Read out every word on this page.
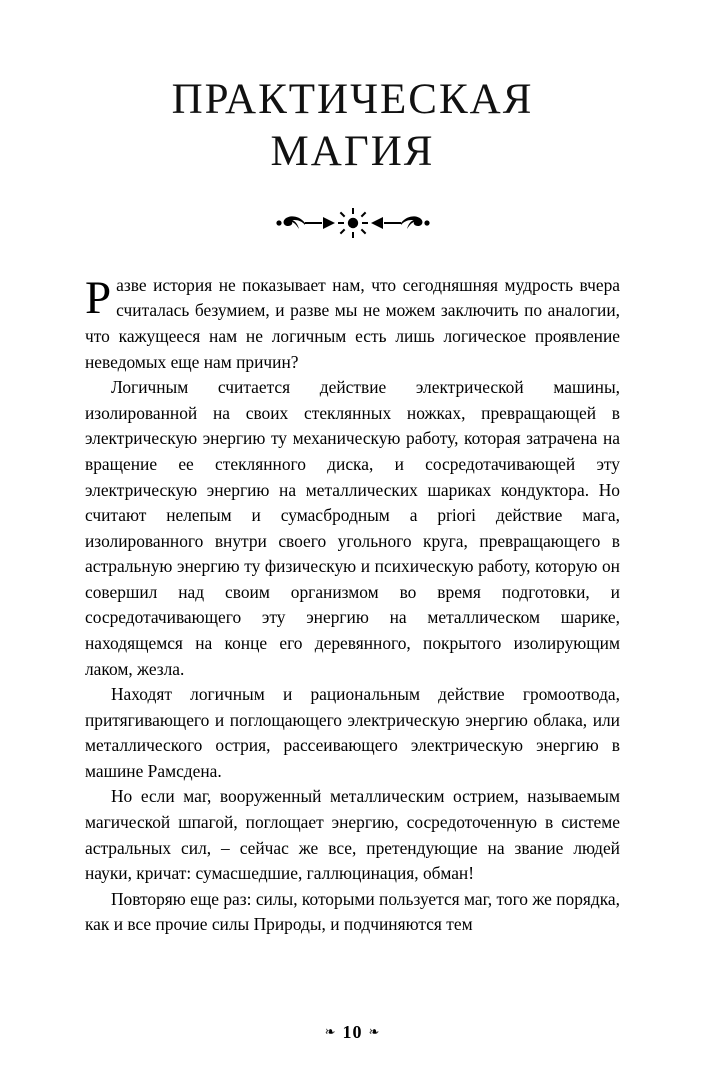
ПРАКТИЧЕСКАЯ
МАГИЯ

Разве история не показывает нам, что сегодняшняя мудрость вчера считалась безумием, и разве мы не можем заключить по аналогии, что кажущееся нам не логичным есть лишь логическое проявление неведомых еще нам причин?

Логичным считается действие электрической машины, изолированной на своих стеклянных ножках, превращающей в электрическую энергию ту механическую работу, которая затрачена на вращение ее стеклянного диска, и сосредотачивающей эту электрическую энергию на металлических шариках кондуктора. Но считают нелепым и сумасбродным a priori действие мага, изолированного внутри своего угольного круга, превращающего в астральную энергию ту физическую и психическую работу, которую он совершил над своим организмом во время подготовки, и сосредотачивающего эту энергию на металлическом шарике, находящемся на конце его деревянного, покрытого изолирующим лаком, жезла.

Находят логичным и рациональным действие громоотвода, притягивающего и поглощающего электрическую энергию облака, или металлического острия, рассеивающего электрическую энергию в машине Рамсдена.

Но если маг, вооруженный металлическим острием, называемым магической шпагой, поглощает энергию, сосредоточенную в системе астральных сил, – сейчас же все, претендующие на звание людей науки, кричат: сумасшедшие, галлюцинация, обман!

Повторяю еще раз: силы, которыми пользуется маг, того же порядка, как и все прочие силы Природы, и подчиняются тем

❧ 10 ❧
